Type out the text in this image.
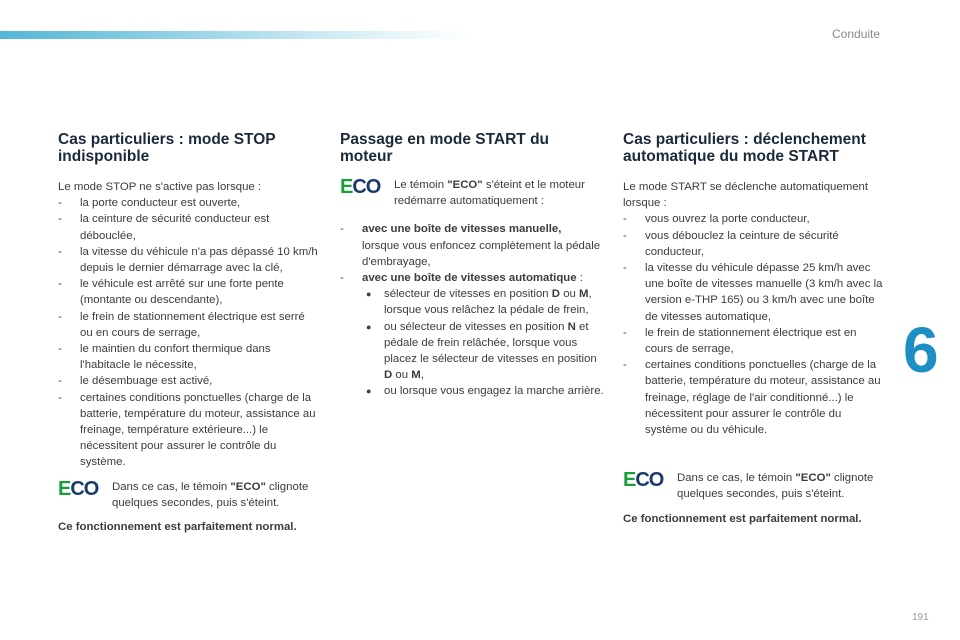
Conduite
6
Cas particuliers : mode STOP indisponible

Le mode STOP ne s'active pas lorsque :

- la porte conducteur est ouverte,

- la ceinture de sécurité conducteur est débouclée,

- la vitesse du véhicule n'a pas dépassé 10 km/h depuis le dernier démarrage avec la clé,

- le véhicule est arrêté sur une forte pente (montante ou descendante),

- le frein de stationnement électrique est serré ou en cours de serrage,

- le maintien du confort thermique dans l'habitacle le nécessite,

- le désembuage est activé,

- certaines conditions ponctuelles (charge de la batterie, température du moteur, assistance au freinage, température extérieure...) le nécessitent pour assurer le contrôle du système.

ECO Dans ce cas, le témoin "ECO" clignote quelques secondes, puis s'éteint.

Ce fonctionnement est parfaitement normal.

Passage en mode START du moteur
ECO Le témoin "ECO" s'éteint et le moteur redémarre automatiquement :

- avec une boîte de vitesses manuelle,
lorsque vous enfoncez complètement la pédale d'embrayage,

- avec une boîte de vitesses automatique :

● sélecteur de vitesses en position D ou M, lorsque vous relâchez la pédale de frein,

● ou sélecteur de vitesses en position N et pédale de frein relâchée, lorsque vous placez le sélecteur de vitesses en position D ou M,

● ou lorsque vous engagez la marche arrière.

Cas particuliers : déclenchement automatique du mode START

Le mode START se déclenche automatiquement lorsque :

- vous ouvrez la porte conducteur,

- vous débouclez la ceinture de sécurité conducteur,

- la vitesse du véhicule dépasse 25 km/h avec une boîte de vitesses manuelle (3 km/h avec la version e-THP 165) ou 3 km/h avec une boîte de vitesses automatique,

- le frein de stationnement électrique est en cours de serrage,

- certaines conditions ponctuelles (charge de la batterie, température du moteur, assistance au freinage, réglage de l'air conditionné...) le nécessitent pour assurer le contrôle du système ou du véhicule.

ECO Dans ce cas, le témoin "ECO" clignote quelques secondes, puis s'éteint.

Ce fonctionnement est parfaitement normal.

191
